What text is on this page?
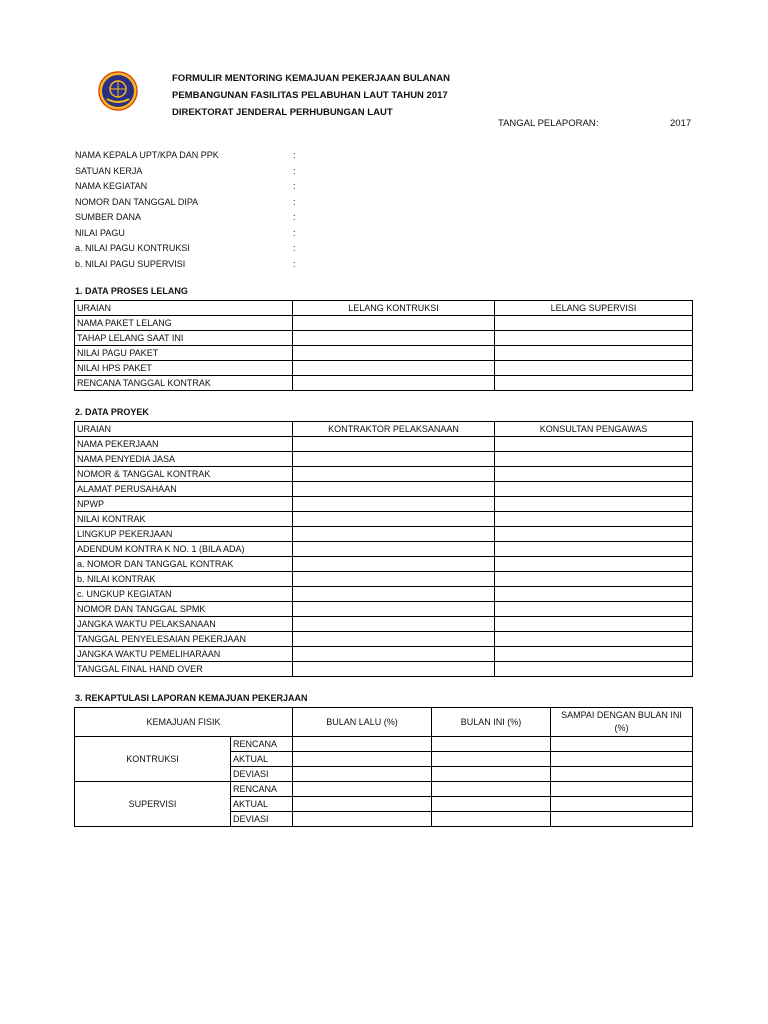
FORMULIR MENTORING KEMAJUAN PEKERJAAN BULANAN
PEMBANGUNAN FASILITAS PELABUHAN LAUT TAHUN 2017
DIREKTORAT JENDERAL PERHUBUNGAN LAUT
TANGAL PELAPORAN :	2017
NAMA KEPALA UPT/KPA DAN PPK	:
SATUAN KERJA	:
NAMA KEGIATAN	:
NOMOR DAN TANGGAL DIPA	:
SUMBER DANA	:
NILAI PAGU	:
a. NILAI PAGU KONTRUKSI	:
b. NILAI PAGU SUPERVISI	:
1. DATA PROSES LELANG
URAIAN	LELANG KONTRUKSI	LELANG SUPERVISI
NAMA PAKET LELANG		
TAHAP LELANG SAAT INI		
NILAI PAGU PAKET		
NILAI HPS PAKET		
RENCANA TANGGAL KONTRAK		
2. DATA PROYEK
URAIAN	KONTRAKTOR PELAKSANAAN	KONSULTAN PENGAWAS
NAMA PEKERJAAN		
NAMA PENYEDIA JASA		
NOMOR & TANGGAL KONTRAK		
ALAMAT PERUSAHAAN		
NPWP		
NILAI KONTRAK		
LINGKUP PEKERJAAN		
ADENDUM KONTRA K NO. 1 (BILA ADA)		
a. NOMOR DAN TANGGAL KONTRAK		
b. NILAI KONTRAK		
c. UNGKUP KEGIATAN		
NOMOR DAN TANGGAL SPMK		
JANGKA WAKTU PELAKSANAAN		
TANGGAL PENYELESAIAN PEKERJAAN		
JANGKA WAKTU PEMELIHARAAN		
TANGGAL FINAL HAND OVER		
3. REKAPTULASI LAPORAN KEMAJUAN PEKERJAAN
KEMAJUAN FISIK		BULAN LALU (%)	BULAN INI (%)	SAMPAI DENGAN BULAN INI (%)
KONTRUKSI	RENCANA			
	AKTUAL			
	DEVIASI			
SUPERVISI	RENCANA			
	AKTUAL			
	DEVIASI			
